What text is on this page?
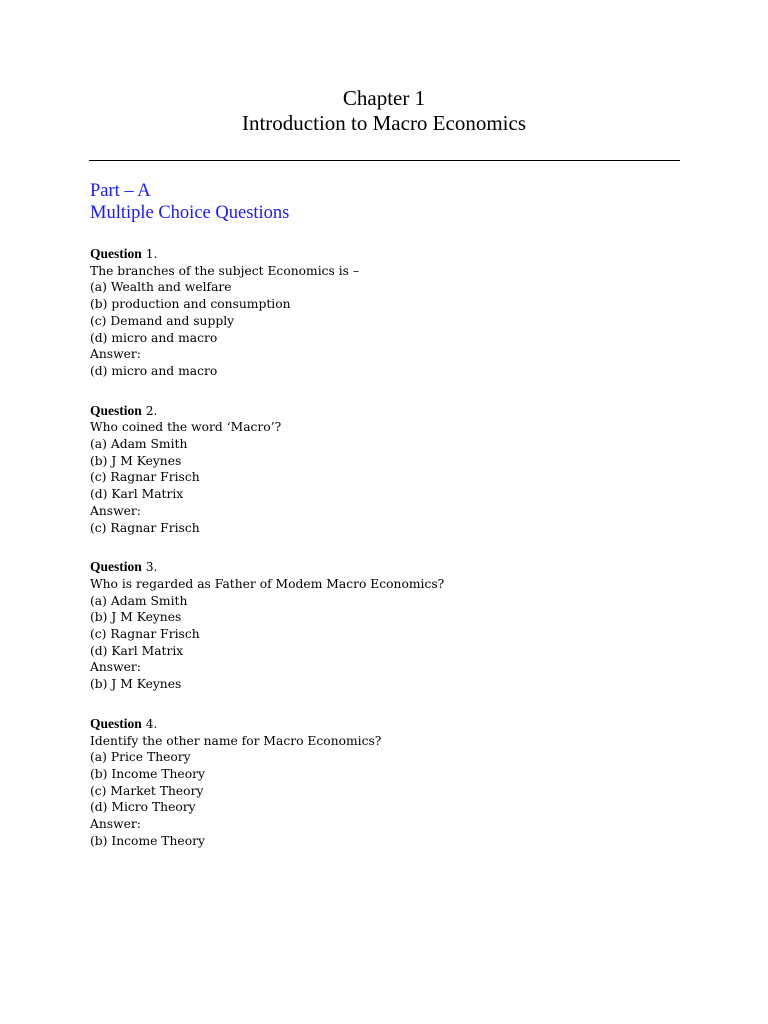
Chapter 1
Introduction to Macro Economics
Part – A
Multiple Choice Questions
Question 1.
The branches of the subject Economics is –
(a) Wealth and welfare
(b) production and consumption
(c) Demand and supply
(d) micro and macro
Answer:
(d) micro and macro
Question 2.
Who coined the word ‘Macro’?
(a) Adam Smith
(b) J M Keynes
(c) Ragnar Frisch
(d) Karl Matrix
Answer:
(c) Ragnar Frisch
Question 3.
Who is regarded as Father of Modem Macro Economics?
(a) Adam Smith
(b) J M Keynes
(c) Ragnar Frisch
(d) Karl Matrix
Answer:
(b) J M Keynes
Question 4.
Identify the other name for Macro Economics?
(a) Price Theory
(b) Income Theory
(c) Market Theory
(d) Micro Theory
Answer:
(b) Income Theory
